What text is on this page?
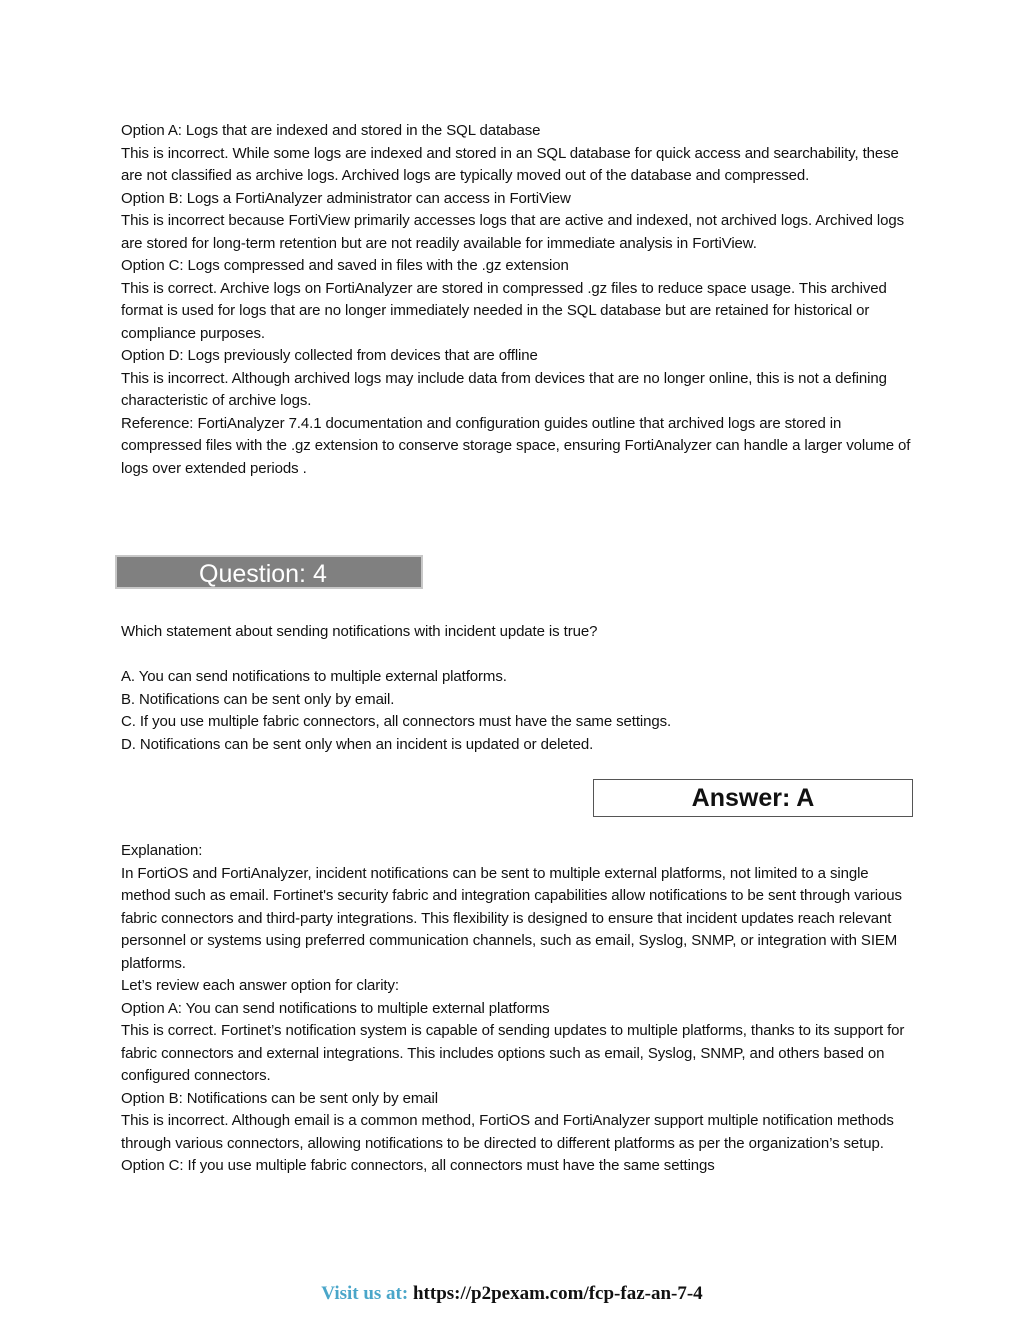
Option A: Logs that are indexed and stored in the SQL database

This is incorrect. While some logs are indexed and stored in an SQL database for quick access and searchability, these are not classified as archive logs. Archived logs are typically moved out of the database and compressed.

Option B: Logs a FortiAnalyzer administrator can access in FortiView

This is incorrect because FortiView primarily accesses logs that are active and indexed, not archived logs. Archived logs are stored for long-term retention but are not readily available for immediate analysis in FortiView.

Option C: Logs compressed and saved in files with the .gz extension

This is correct. Archive logs on FortiAnalyzer are stored in compressed .gz files to reduce space usage. This archived format is used for logs that are no longer immediately needed in the SQL database but are retained for historical or compliance purposes.

Option D: Logs previously collected from devices that are offline

This is incorrect. Although archived logs may include data from devices that are no longer online, this is not a defining characteristic of archive logs.

Reference: FortiAnalyzer 7.4.1 documentation and configuration guides outline that archived logs are stored in compressed files with the .gz extension to conserve storage space, ensuring FortiAnalyzer can handle a larger volume of logs over extended periods .

Question: 4

Which statement about sending notifications with incident update is true?

A. You can send notifications to multiple external platforms.

B. Notifications can be sent only by email.

C. If you use multiple fabric connectors, all connectors must have the same settings.

D. Notifications can be sent only when an incident is updated or deleted.

Answer: A

Explanation:

In FortiOS and FortiAnalyzer, incident notifications can be sent to multiple external platforms, not limited to a single method such as email. Fortinet's security fabric and integration capabilities allow notifications to be sent through various fabric connectors and third-party integrations. This flexibility is designed to ensure that incident updates reach relevant personnel or systems using preferred communication channels, such as email, Syslog, SNMP, or integration with SIEM platforms.

Let’s review each answer option for clarity:

Option A: You can send notifications to multiple external platforms

This is correct. Fortinet’s notification system is capable of sending updates to multiple platforms, thanks to its support for fabric connectors and external integrations. This includes options such as email, Syslog, SNMP, and others based on configured connectors.

Option B: Notifications can be sent only by email

This is incorrect. Although email is a common method, FortiOS and FortiAnalyzer support multiple notification methods through various connectors, allowing notifications to be directed to different platforms as per the organization’s setup.

Option C: If you use multiple fabric connectors, all connectors must have the same settings

Visit us at: https://p2pexam.com/fcp-faz-an-7-4
